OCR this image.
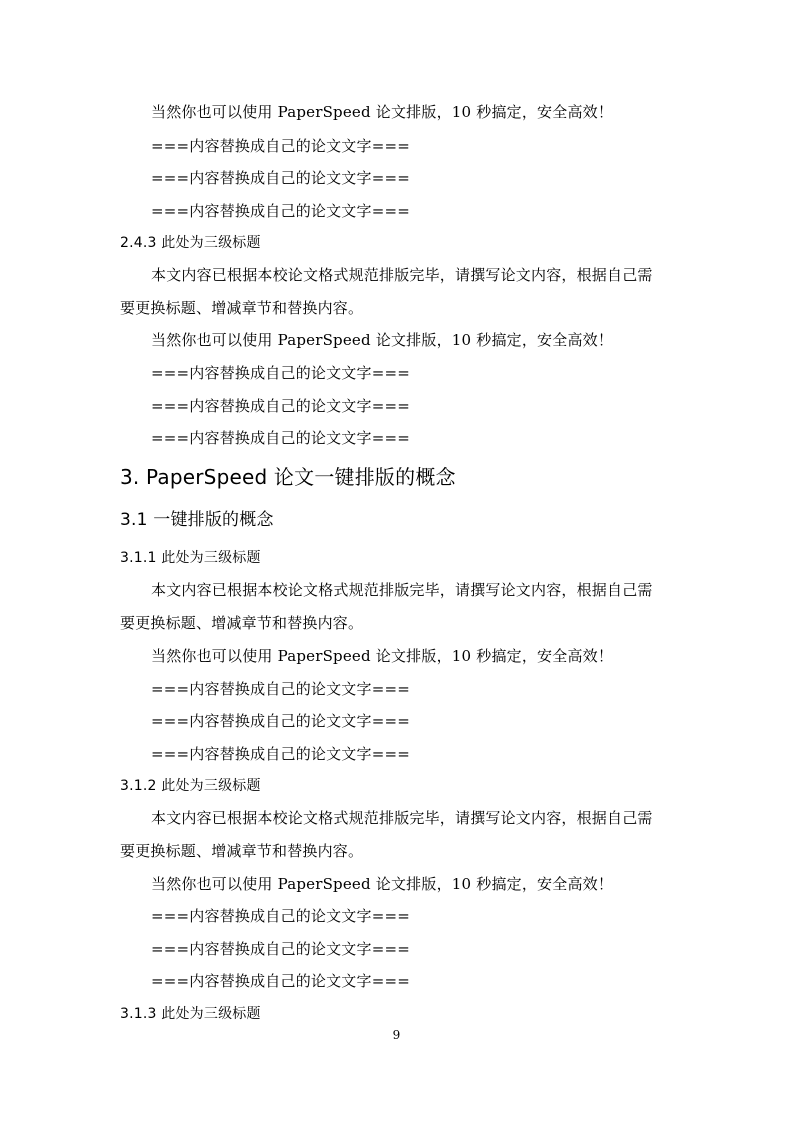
当然你也可以使用 PaperSpeed 论文排版，10 秒搞定，安全高效！
===内容替换成自己的论文文字===
===内容替换成自己的论文文字===
===内容替换成自己的论文文字===
2.4.3 此处为三级标题
本文内容已根据本校论文格式规范排版完毕，请撰写论文内容，根据自己需
要更换标题、增减章节和替换内容。
当然你也可以使用 PaperSpeed 论文排版，10 秒搞定，安全高效！
===内容替换成自己的论文文字===
===内容替换成自己的论文文字===
===内容替换成自己的论文文字===
3. PaperSpeed 论文一键排版的概念
3.1 一键排版的概念
3.1.1 此处为三级标题
本文内容已根据本校论文格式规范排版完毕，请撰写论文内容，根据自己需
要更换标题、增减章节和替换内容。
当然你也可以使用 PaperSpeed 论文排版，10 秒搞定，安全高效！
===内容替换成自己的论文文字===
===内容替换成自己的论文文字===
===内容替换成自己的论文文字===
3.1.2 此处为三级标题
本文内容已根据本校论文格式规范排版完毕，请撰写论文内容，根据自己需
要更换标题、增减章节和替换内容。
当然你也可以使用 PaperSpeed 论文排版，10 秒搞定，安全高效！
===内容替换成自己的论文文字===
===内容替换成自己的论文文字===
===内容替换成自己的论文文字===
3.1.3 此处为三级标题
9
